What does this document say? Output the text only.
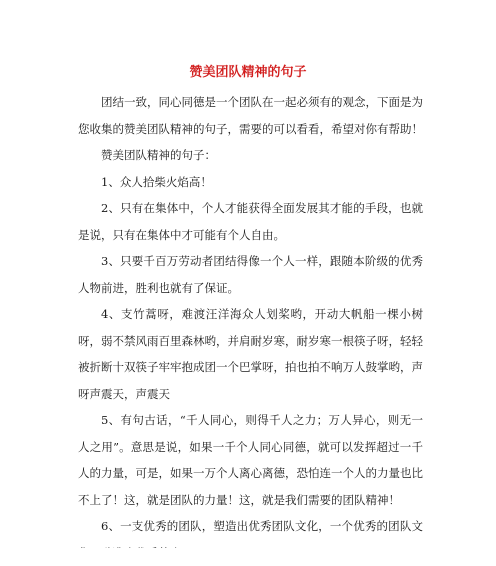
赞美团队精神的句子

团结一致，同心同德是一个团队在一起必须有的观念，下面是为您收集的赞美团队精神的句子，需要的可以看看，希望对你有帮助！

赞美团队精神的句子：

1、众人拾柴火焰高！

2、只有在集体中，个人才能获得全面发展其才能的手段，也就是说，只有在集体中才可能有个人自由。

3、只要千百万劳动者团结得像一个人一样，跟随本阶级的优秀人物前进，胜利也就有了保证。

4、支竹蒿呀，难渡汪洋海众人划桨哟，开动大帆船一棵小树呀，弱不禁风雨百里森林哟，并肩耐岁寒，耐岁寒一根筷子呀，轻轻被折断十双筷子牢牢抱成团一个巴掌呀，拍也拍不响万人鼓掌哟，声呀声震天，声震天

5、有句古话，“千人同心，则得千人之力；万人异心，则无一人之用”。意思是说，如果一千个人同心同德，就可以发挥超过一千人的力量，可是，如果一万个人离心离德，恐怕连一个人的力量也比不上了！这，就是团队的力量！这，就是我们需要的团队精神！

6、一支优秀的团队，塑造出优秀团队文化，一个优秀的团队文
